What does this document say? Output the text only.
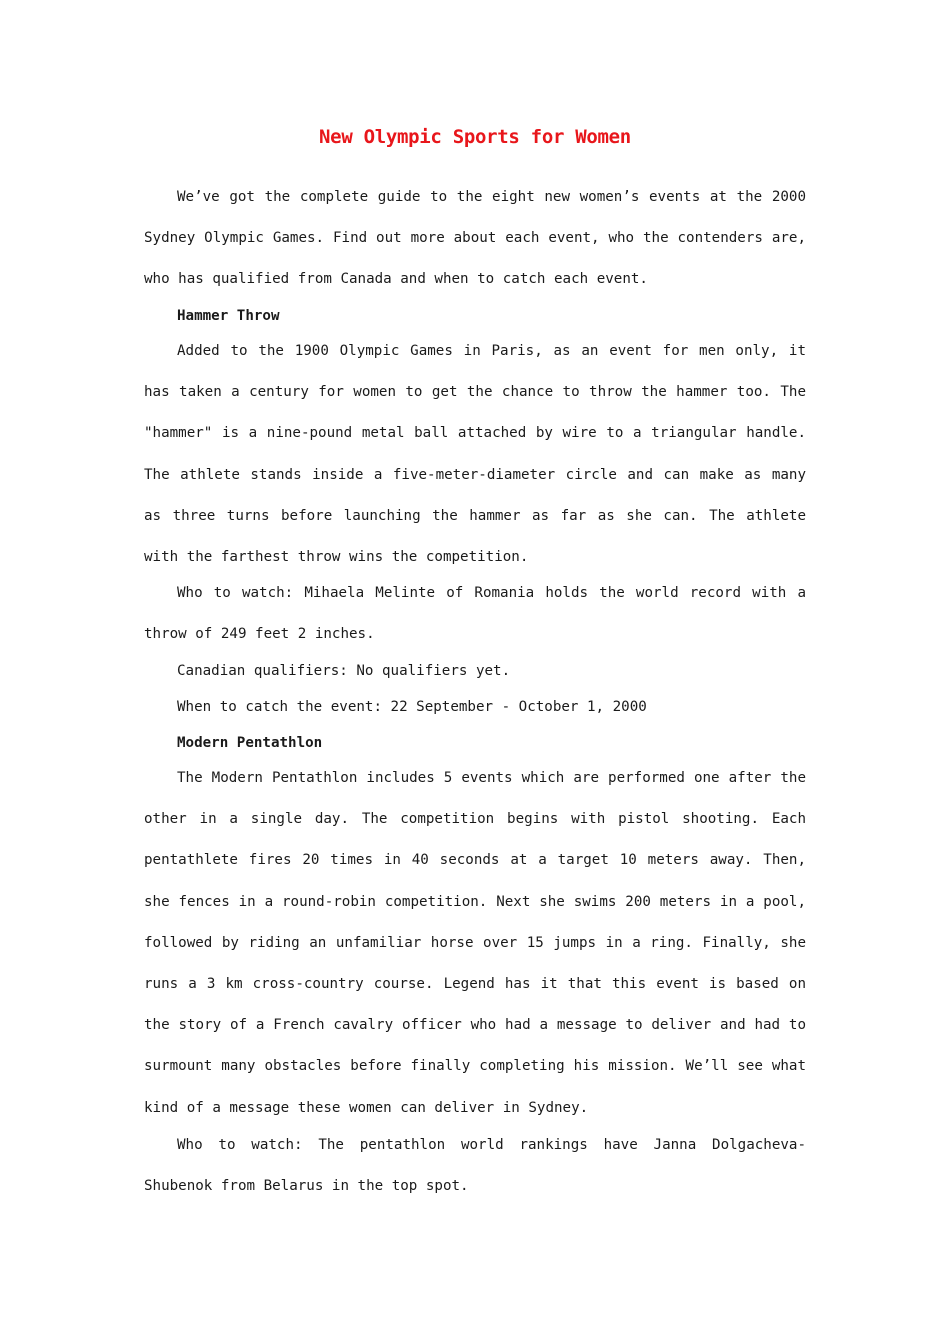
New Olympic Sports for Women

We’ve got the complete guide to the eight new women’s events at the 2000 Sydney Olympic Games. Find out more about each event, who the contenders are, who has qualified from Canada and when to catch each event.

Hammer Throw

Added to the 1900 Olympic Games in Paris, as an event for men only, it has taken a century for women to get the chance to throw the hammer too. The "hammer" is a nine-pound metal ball attached by wire to a triangular handle. The athlete stands inside a five-meter-diameter circle and can make as many as three turns before launching the hammer as far as she can. The athlete with the farthest throw wins the competition.

Who to watch: Mihaela Melinte of Romania holds the world record with a throw of 249 feet 2 inches.

Canadian qualifiers: No qualifiers yet.

When to catch the event: 22 September - October 1, 2000

Modern Pentathlon

The Modern Pentathlon includes 5 events which are performed one after the other in a single day. The competition begins with pistol shooting. Each pentathlete fires 20 times in 40 seconds at a target 10 meters away. Then, she fences in a round-robin competition. Next she swims 200 meters in a pool, followed by riding an unfamiliar horse over 15 jumps in a ring. Finally, she runs a 3 km cross-country course. Legend has it that this event is based on the story of a French cavalry officer who had a message to deliver and had to surmount many obstacles before finally completing his mission. We’ll see what kind of a message these women can deliver in Sydney.

Who to watch: The pentathlon world rankings have Janna Dolgacheva-Shubenok from Belarus in the top spot.
